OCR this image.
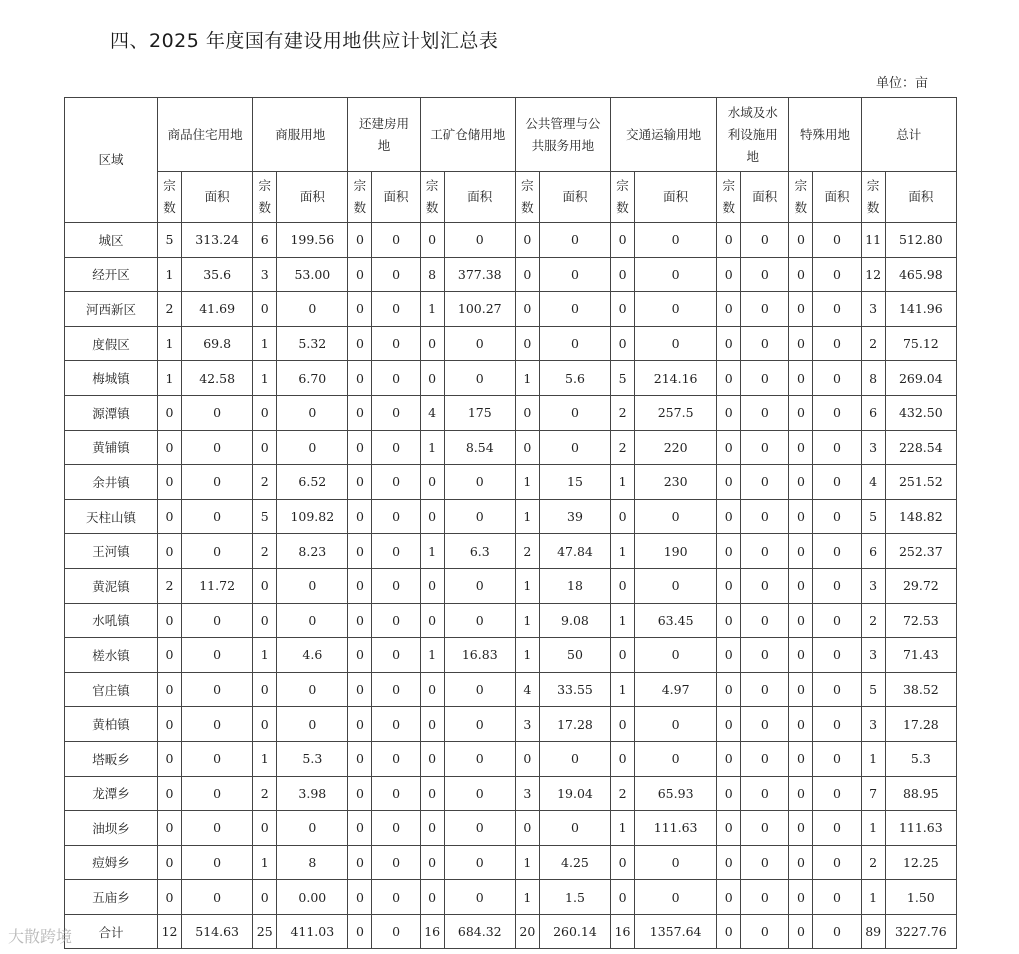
四、2025 年度国有建设用地供应计划汇总表
单位：亩
区域	商品住宅用地		商服用地		还建房用地		工矿仓储用地		公共管理与公共服务用地		交通运输用地		水域及水利设施用地		特殊用地		总计	
	宗数	面积	宗数	面积	宗数	面积	宗数	面积	宗数	面积	宗数	面积	宗数	面积	宗数	面积	宗数	面积
城区	5	313.24	6	199.56	0	0	0	0	0	0	0	0	0	0	0	0	11	512.80
经开区	1	35.6	3	53.00	0	0	8	377.38	0	0	0	0	0	0	0	0	12	465.98
河西新区	2	41.69	0	0	0	0	1	100.27	0	0	0	0	0	0	0	0	3	141.96
度假区	1	69.8	1	5.32	0	0	0	0	0	0	0	0	0	0	0	0	2	75.12
梅城镇	1	42.58	1	6.70	0	0	0	0	1	5.6	5	214.16	0	0	0	0	8	269.04
源潭镇	0	0	0	0	0	0	4	175	0	0	2	257.5	0	0	0	0	6	432.50
黄铺镇	0	0	0	0	0	0	1	8.54	0	0	2	220	0	0	0	0	3	228.54
余井镇	0	0	2	6.52	0	0	0	0	1	15	1	230	0	0	0	0	4	251.52
天柱山镇	0	0	5	109.82	0	0	0	0	1	39	0	0	0	0	0	0	5	148.82
王河镇	0	0	2	8.23	0	0	1	6.3	2	47.84	1	190	0	0	0	0	6	252.37
黄泥镇	2	11.72	0	0	0	0	0	0	1	18	0	0	0	0	0	0	3	29.72
水吼镇	0	0	0	0	0	0	0	0	1	9.08	1	63.45	0	0	0	0	2	72.53
槎水镇	0	0	1	4.6	0	0	1	16.83	1	50	0	0	0	0	0	0	3	71.43
官庄镇	0	0	0	0	0	0	0	0	4	33.55	1	4.97	0	0	0	0	5	38.52
黄柏镇	0	0	0	0	0	0	0	0	3	17.28	0	0	0	0	0	0	3	17.28
塔畈乡	0	0	1	5.3	0	0	0	0	0	0	0	0	0	0	0	0	1	5.3
龙潭乡	0	0	2	3.98	0	0	0	0	3	19.04	2	65.93	0	0	0	0	7	88.95
油坝乡	0	0	0	0	0	0	0	0	0	0	1	111.63	0	0	0	0	1	111.63
痘姆乡	0	0	1	8	0	0	0	0	1	4.25	0	0	0	0	0	0	2	12.25
五庙乡	0	0	0	0.00	0	0	0	0	1	1.5	0	0	0	0	0	0	1	1.50
合计	12	514.63	25	411.03	0	0	16	684.32	20	260.14	16	1357.64	0	0	0	0	89	3227.76
大散跨境
